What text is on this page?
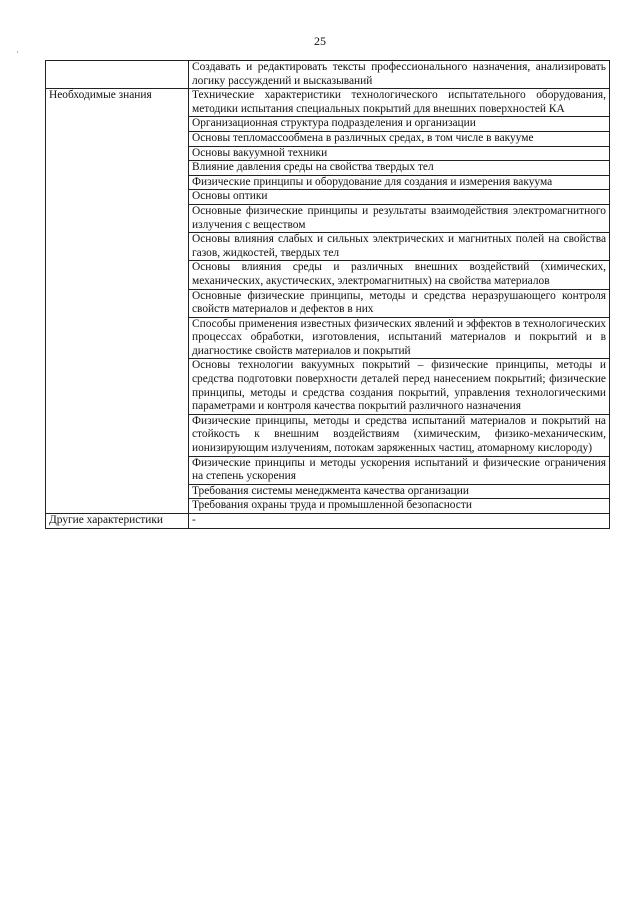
25
·
	Создавать и редактировать тексты профессионального назначения, анализировать логику рассуждений и высказываний
Необходимые знания	Технические характеристики технологического испытательного оборудования, методики испытания специальных покрытий для внешних поверхностей КА
	Организационная структура подразделения и организации
	Основы тепломассообмена в различных средах, в том числе в вакууме
	Основы вакуумной техники
	Влияние давления среды на свойства твердых тел
	Физические принципы и оборудование для создания и измерения вакуума
	Основы оптики
	Основные физические принципы и результаты взаимодействия электромагнитного излучения с веществом
	Основы влияния слабых и сильных электрических и магнитных полей на свойства газов, жидкостей, твердых тел
	Основы влияния среды и различных внешних воздействий (химических, механических, акустических, электромагнитных) на свойства материалов
	Основные физические принципы, методы и средства неразрушающего контроля свойств материалов и дефектов в них
	Способы применения известных физических явлений и эффектов в технологических процессах обработки, изготовления, испытаний материалов и покрытий и в диагностике свойств материалов и покрытий
	Основы технологии вакуумных покрытий – физические принципы, методы и средства подготовки поверхности деталей перед нанесением покрытий; физические принципы, методы и средства создания покрытий, управления технологическими параметрами и контроля качества покрытий различного назначения
	Физические принципы, методы и средства испытаний материалов и покрытий на стойкость к внешним воздействиям (химическим, физико-механическим, ионизирующим излучениям, потокам заряженных частиц, атомарному кислороду)
	Физические принципы и методы ускорения испытаний и физические ограничения на степень ускорения
	Требования системы менеджмента качества организации
	Требования охраны труда и промышленной безопасности
Другие характеристики	-
